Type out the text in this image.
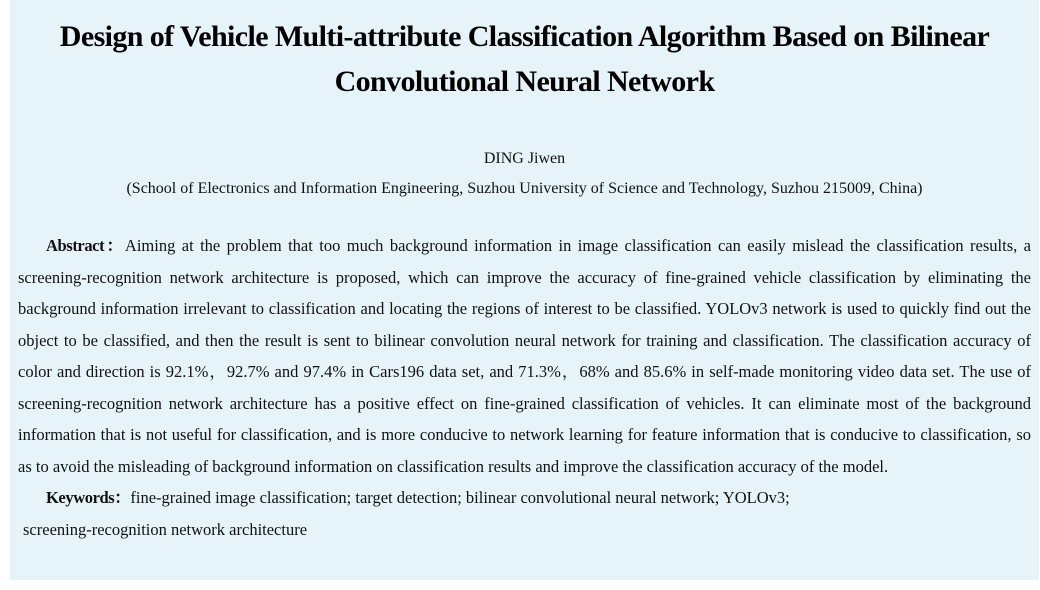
Design of Vehicle Multi-attribute Classification Algorithm Based on Bilinear Convolutional Neural Network

DING Jiwen

(School of Electronics and Information Engineering, Suzhou University of Science and Technology, Suzhou 215009, China)

Abstract：Aiming at the problem that too much background information in image classification can easily mislead the classification results, a screening-recognition network architecture is proposed, which can improve the accuracy of fine-grained vehicle classification by eliminating the background information irrelevant to classification and locating the regions of interest to be classified. YOLOv3 network is used to quickly find out the object to be classified, and then the result is sent to bilinear convolution neural network for training and classification. The classification accuracy of color and direction is 92.1%，92.7% and 97.4% in Cars196 data set, and 71.3%，68% and 85.6% in self-made monitoring video data set. The use of screening-recognition network architecture has a positive effect on fine-grained classification of vehicles. It can eliminate most of the background information that is not useful for classification, and is more conducive to network learning for feature information that is conducive to classification, so as to avoid the misleading of background information on classification results and improve the classification accuracy of the model.

Keywords：fine-grained image classification; target detection; bilinear convolutional neural network; YOLOv3;

screening-recognition network architecture
